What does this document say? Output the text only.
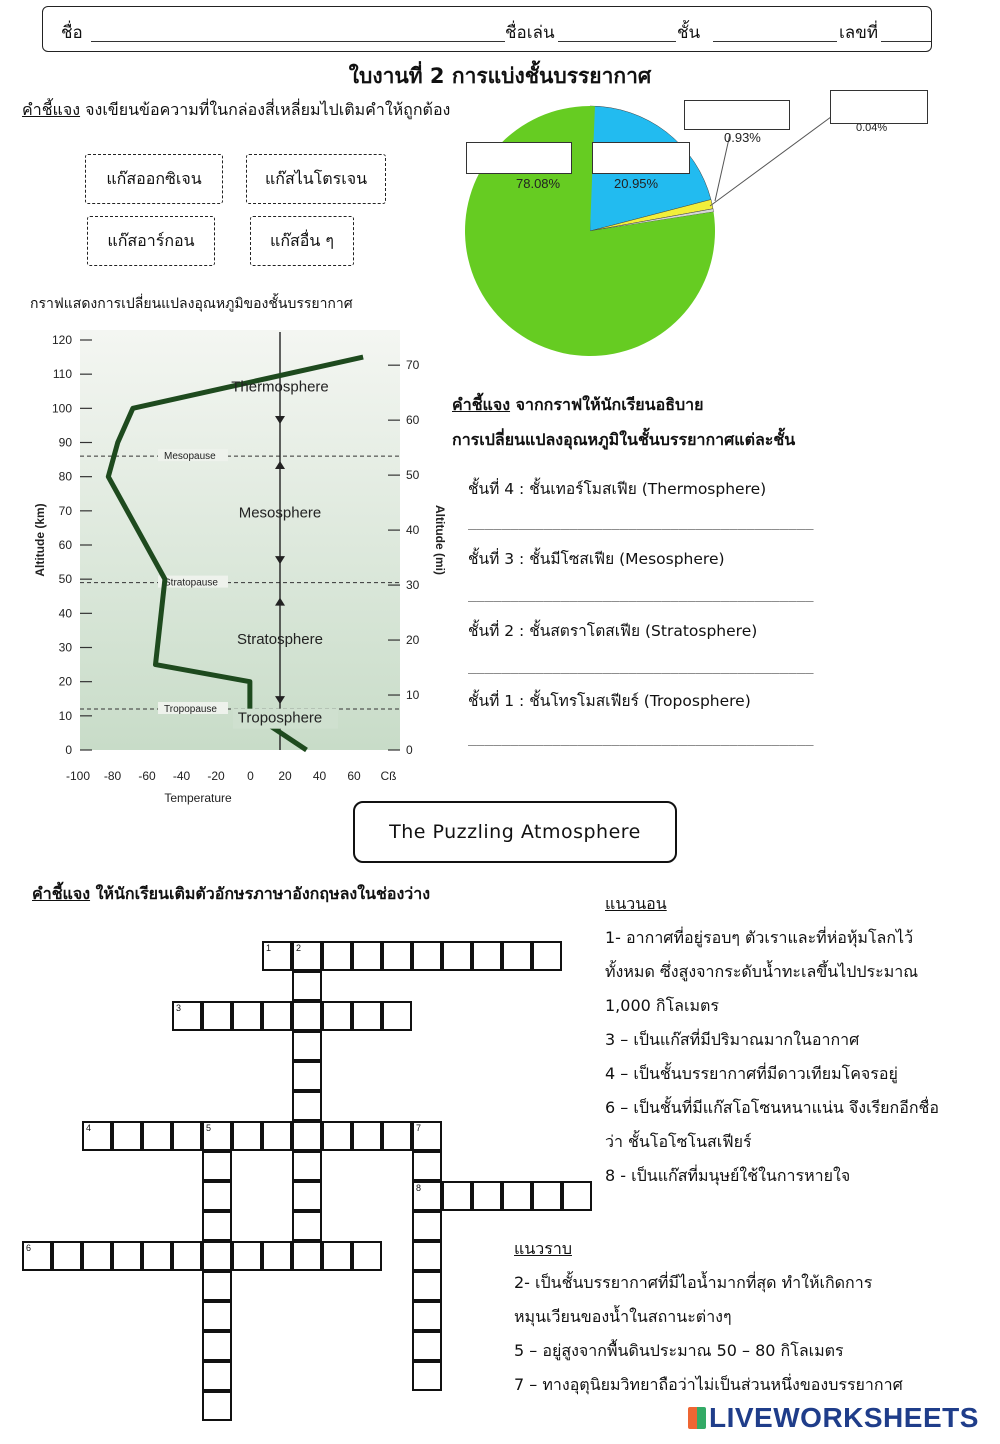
ชื่อ	ชื่อเล่น	ชั้น	เลขที่
ใบงานที่ 2 การแบ่งชั้นบรรยากาศ
คำชี้แจง จงเขียนข้อความที่ในกล่องสี่เหลี่ยมไปเติมคำให้ถูกต้อง
แก๊สออกซิเจน	แก๊สไนโตรเจน
แก๊สอาร์กอน	แก๊สอื่น ๆ
78.08%	20.95%
0.93%
0.04%
กราฟแสดงการเปลี่ยนแปลงอุณหภูมิของชั้นบรรยากาศ
0
10
20
30
40
50
60
70
80
90
100
110
120
0
10
20
30
40
50
60
70
-100 -80 -60 -40 -20 0 20 40 60 Cß
Temperature
Altitude (km)	Altitude (mi)
Mesopause
Stratopause
Tropopause
Thermosphere
Mesosphere
Stratosphere
Troposphere
คำชี้แจง จากกราฟให้นักเรียนอธิบาย
การเปลี่ยนแปลงอุณหภูมิในชั้นบรรยากาศแต่ละชั้น
ชั้นที่ 4 : ชั้นเทอร์โมสเฟีย (Thermosphere)
_________________________________________
ชั้นที่ 3 : ชั้นมีโซสเฟีย (Mesosphere)
_________________________________________
ชั้นที่ 2 : ชั้นสตราโตสเฟีย (Stratosphere)
_________________________________________
ชั้นที่ 1 : ชั้นโทรโมสเฟียร์ (Troposphere)
_________________________________________
The Puzzling Atmosphere
คำชี้แจง ให้นักเรียนเติมตัวอักษรภาษาอังกฤษลงในช่องว่าง
1	2
3
4	5	7
8
6
แนวนอน
1- อากาศที่อยู่รอบๆ ตัวเราและที่ห่อหุ้มโลกไว้
ทั้งหมด ซึ่งสูงจากระดับน้ำทะเลขึ้นไปประมาณ
1,000 กิโลเมตร
3 – เป็นแก๊สที่มีปริมาณมากในอากาศ
4 – เป็นชั้นบรรยากาศที่มีดาวเทียมโคจรอยู่
6 – เป็นชั้นที่มีแก๊สโอโซนหนาแน่น จึงเรียกอีกชื่อ
ว่า ชั้นโอโซโนสเฟียร์
8 - เป็นแก๊สที่มนุษย์ใช้ในการหายใจ
แนวราบ
2- เป็นชั้นบรรยากาศที่มีไอน้ำมากที่สุด ทำให้เกิดการ
หมุนเวียนของน้ำในสถานะต่างๆ
5 – อยู่สูงจากพื้นดินประมาณ 50 – 80 กิโลเมตร
7 – ทางอุตุนิยมวิทยาถือว่าไม่เป็นส่วนหนึ่งของบรรยากาศ
LIVEWORKSHEETS
